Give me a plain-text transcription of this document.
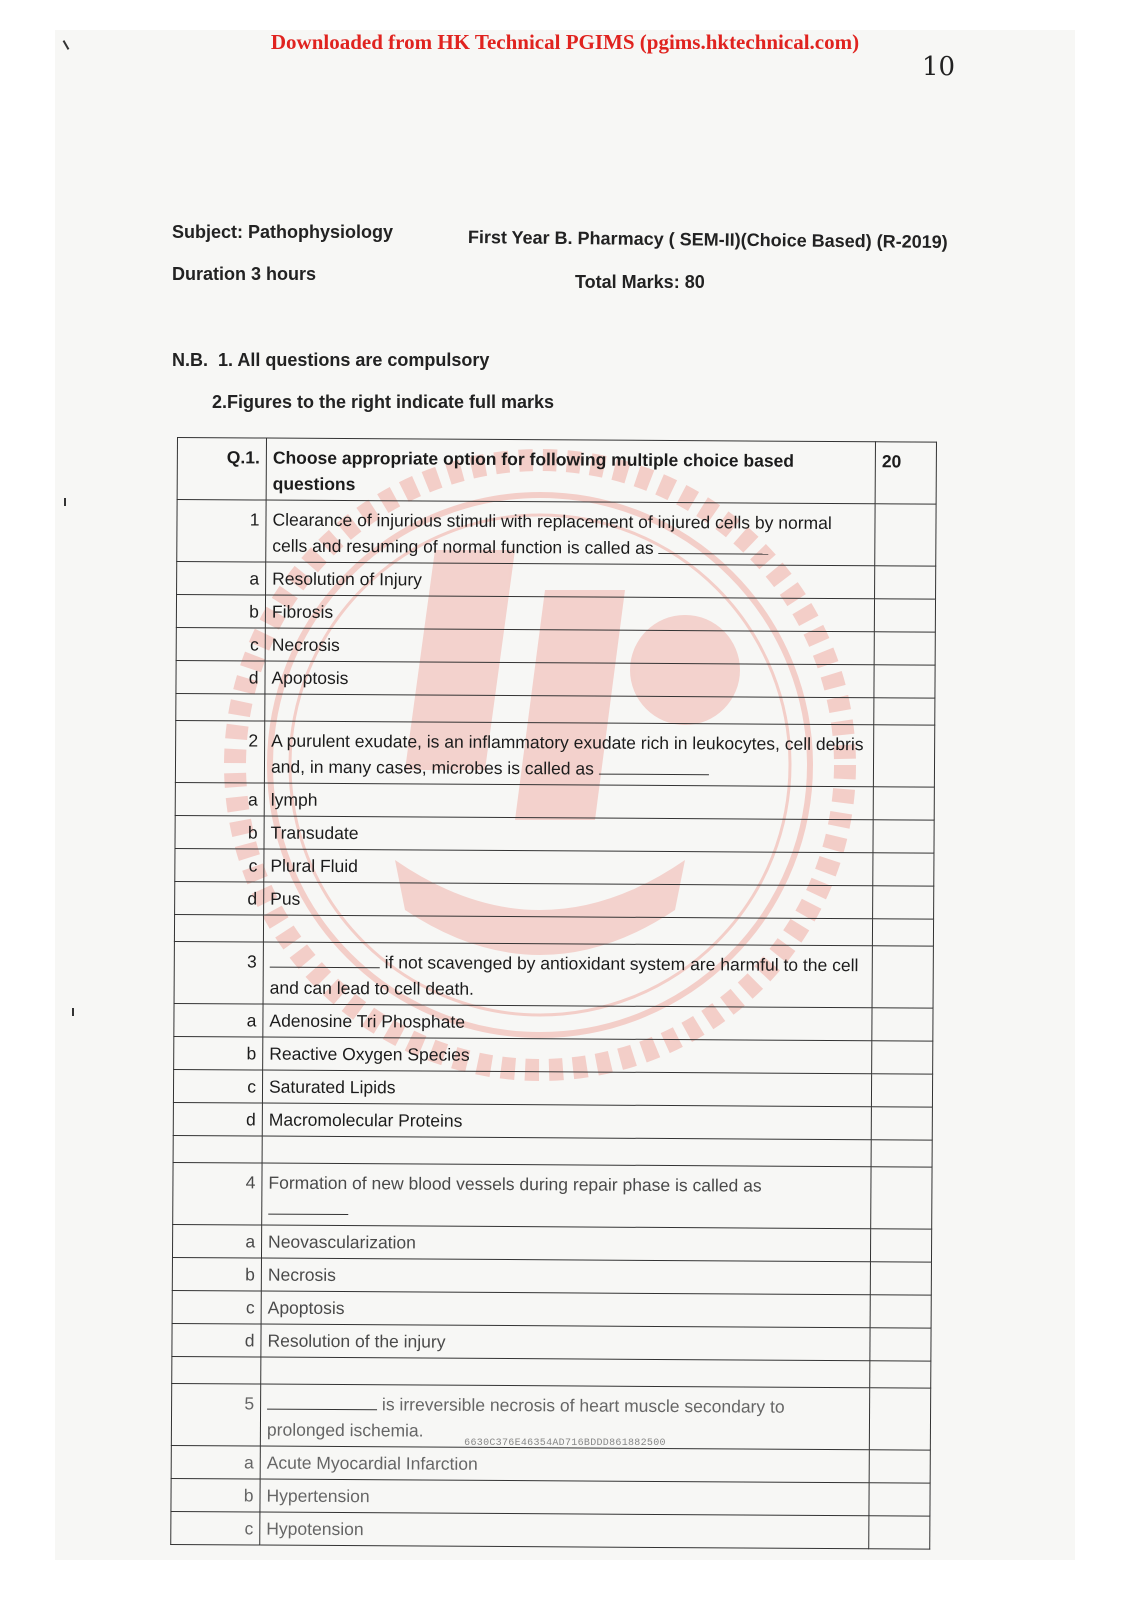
Downloaded from HK Technical PGIMS (pgims.hktechnical.com)
10
Subject: Pathophysiology	First Year B. Pharmacy ( SEM-II)(Choice Based) (R-2019)
Duration 3 hours	Total Marks: 80
N.B. 1. All questions are compulsory
2.Figures to the right indicate full marks
Q.1.	Choose appropriate option for following multiple choice based questions	20
1	Clearance of injurious stimuli with replacement of injured cells by normal cells and resuming of normal function is called as	
a	Resolution of Injury	
b	Fibrosis	
c	Necrosis	
d	Apoptosis	

2	A purulent exudate, is an inflammatory exudate rich in leukocytes, cell debris and, in many cases, microbes is called as	
a	lymph	
b	Transudate	
c	Plural Fluid	
d	Pus	

3	if not scavenged by antioxidant system are harmful to the cell and can lead to cell death.	
a	Adenosine Tri Phosphate	
b	Reactive Oxygen Species	
c	Saturated Lipids	
d	Macromolecular Proteins	

4	Formation of new blood vessels during repair phase is called as

a	Neovascularization	
b	Necrosis	
c	Apoptosis	
d	Resolution of the injury	

5	is irreversible necrosis of heart muscle secondary to prolonged ischemia.	
a	Acute Myocardial Infarction	
b	Hypertension	
c	Hypotension	
6630C376E46354AD716BDDD861882500
